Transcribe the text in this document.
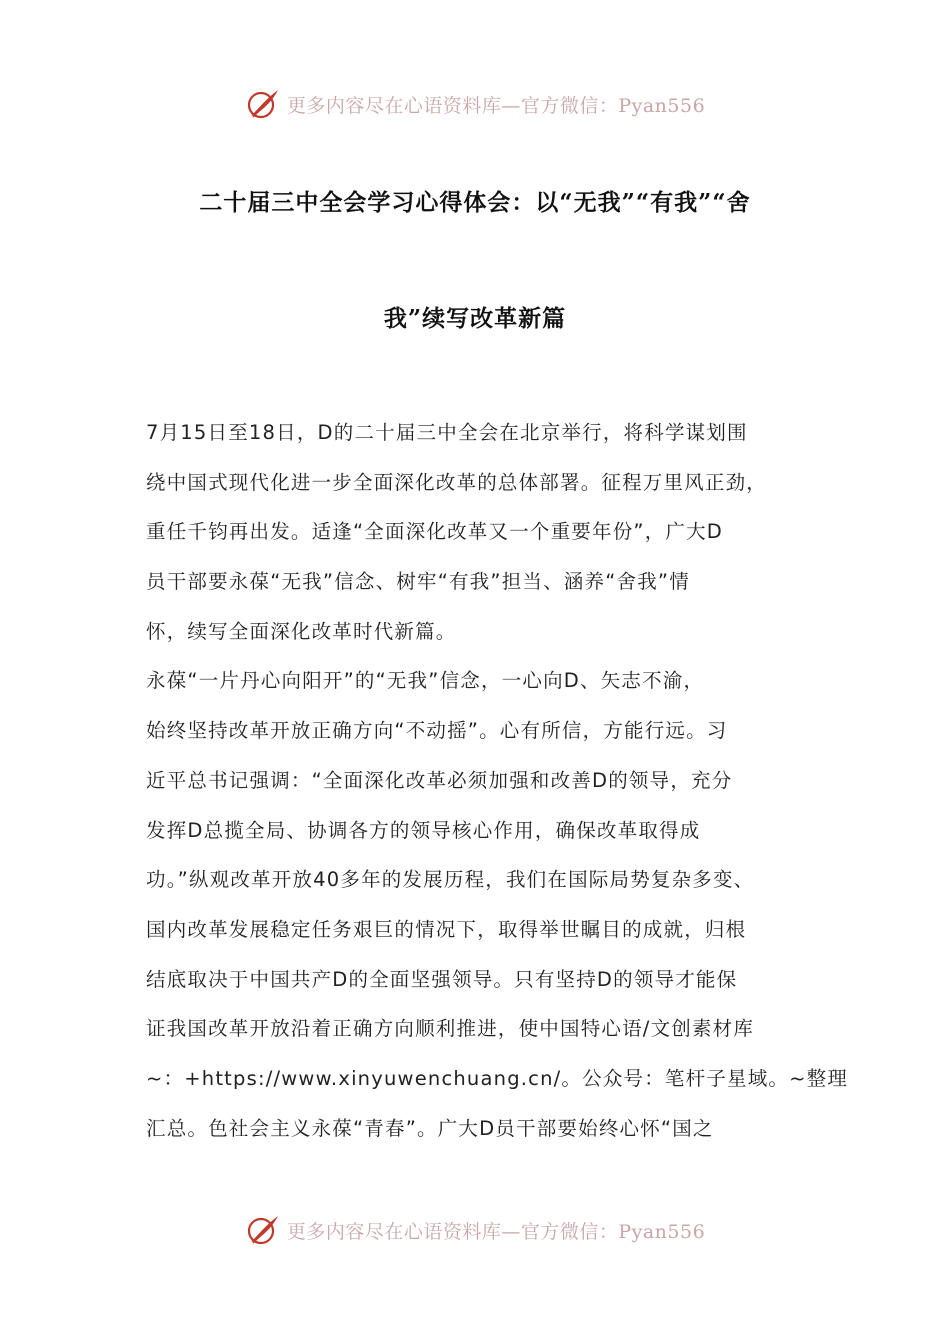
更多内容尽在心语资料库—官方微信：Pyan556
二十届三中全会学习心得体会：以“无我”“有我”“舍
我”续写改革新篇
7月15日至18日，D的二十届三中全会在北京举行，将科学谋划围
绕中国式现代化进一步全面深化改革的总体部署。征程万里风正劲，
重任千钧再出发。适逢“全面深化改革又一个重要年份”，广大D
员干部要永葆“无我”信念、树牢“有我”担当、涵养“舍我”情
怀，续写全面深化改革时代新篇。
永葆“一片丹心向阳开”的“无我”信念，一心向D、矢志不渝，
始终坚持改革开放正确方向“不动摇”。心有所信，方能行远。习
近平总书记强调：“全面深化改革必须加强和改善D的领导，充分
发挥D总揽全局、协调各方的领导核心作用，确保改革取得成
功。”纵观改革开放40多年的发展历程，我们在国际局势复杂多变、
国内改革发展稳定任务艰巨的情况下，取得举世瞩目的成就，归根
结底取决于中国共产D的全面坚强领导。只有坚持D的领导才能保
证我国改革开放沿着正确方向顺利推进，使中国特心语/文创素材库
~：+https://www.xinyuwenchuang.cn/。公众号：笔杆子星域。~整理
汇总。色社会主义永葆“青春”。广大D员干部要始终心怀“国之
更多内容尽在心语资料库—官方微信：Pyan556
